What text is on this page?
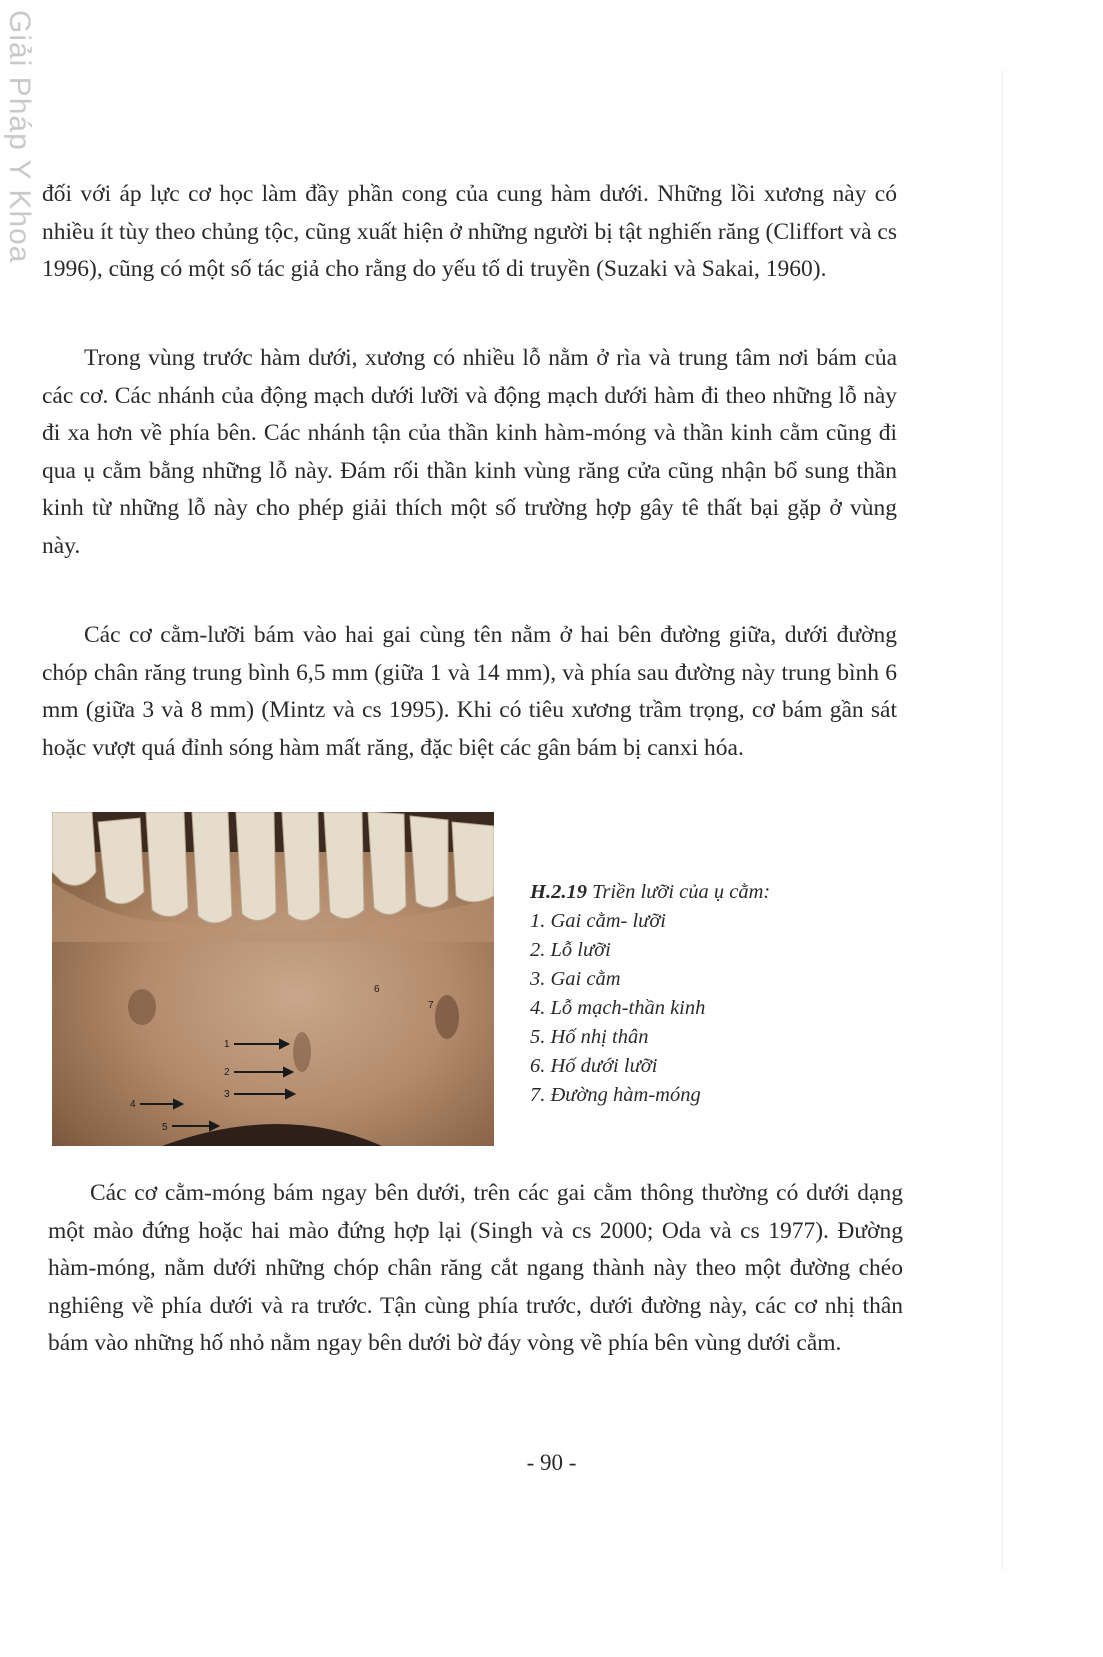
Giải Pháp Y Khoa đối với áp lực cơ học làm đầy phần cong của cung hàm dưới. Những lồi xương này có nhiều ít tùy theo chủng tộc, cũng xuất hiện ở những người bị tật nghiến răng (Cliffort và cs 1996), cũng có một số tác giả cho rằng do yếu tố di truyền (Suzaki và Sakai, 1960).

Trong vùng trước hàm dưới, xương có nhiều lỗ nằm ở rìa và trung tâm nơi bám của các cơ. Các nhánh của động mạch dưới lưỡi và động mạch dưới hàm đi theo những lỗ này đi xa hơn về phía bên. Các nhánh tận của thần kinh hàm-móng và thần kinh cằm cũng đi qua ụ cằm bằng những lỗ này. Đám rối thần kinh vùng răng cửa cũng nhận bổ sung thần kinh từ những lỗ này cho phép giải thích một số trường hợp gây tê thất bại gặp ở vùng này.

Các cơ cằm-lưỡi bám vào hai gai cùng tên nằm ở hai bên đường giữa, dưới đường chóp chân răng trung bình 6,5 mm (giữa 1 và 14 mm), và phía sau đường này trung bình 6 mm (giữa 3 và 8 mm) (Mintz và cs 1995). Khi có tiêu xương trầm trọng, cơ bám gần sát hoặc vượt quá đỉnh sóng hàm mất răng, đặc biệt các gân bám bị canxi hóa.

1
2
3
4
5
6
7
H.2.19 Triền lưỡi của ụ cằm:
1. Gai cằm- lưỡi
2. Lỗ lưỡi
3. Gai cằm
4. Lỗ mạch-thần kinh
5. Hố nhị thân
6. Hố dưới lưỡi
7. Đường hàm-móng

Các cơ cằm-móng bám ngay bên dưới, trên các gai cằm thông thường có dưới dạng một mào đứng hoặc hai mào đứng hợp lại (Singh và cs 2000; Oda và cs 1977). Đường hàm-móng, nằm dưới những chóp chân răng cắt ngang thành này theo một đường chéo nghiêng về phía dưới và ra trước. Tận cùng phía trước, dưới đường này, các cơ nhị thân bám vào những hố nhỏ nằm ngay bên dưới bờ đáy vòng về phía bên vùng dưới cằm.

- 90 -
